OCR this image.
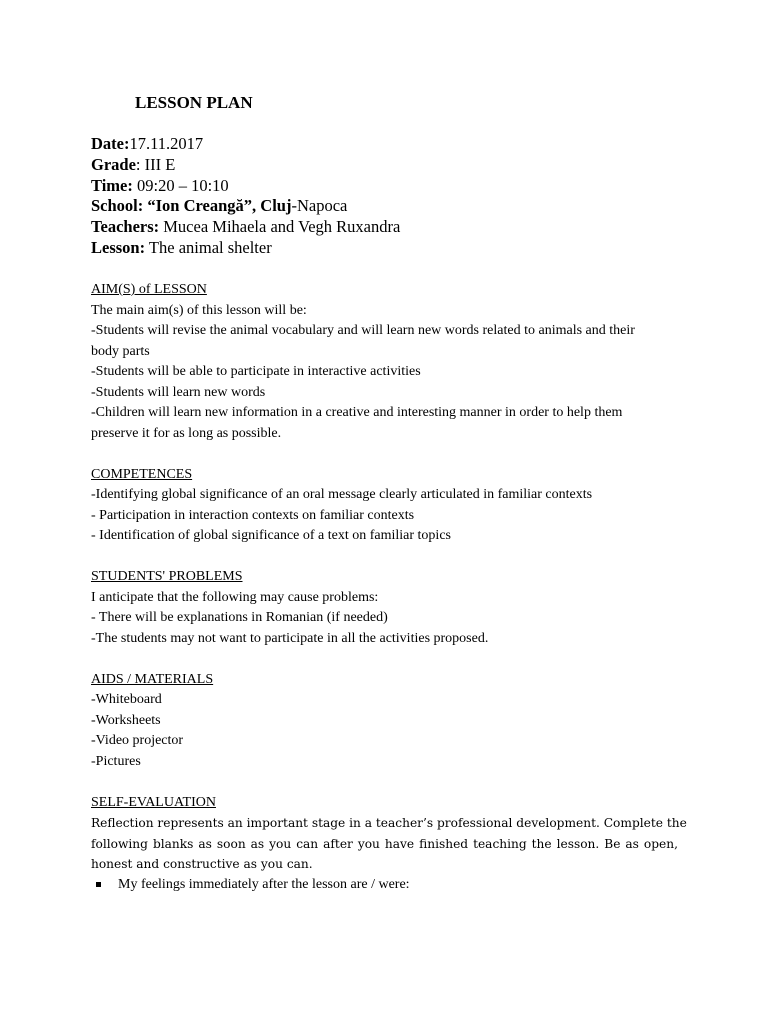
LESSON PLAN
Date:17.11.2017
Grade: III E
Time: 09:20 – 10:10
School: “Ion Creangă”, Cluj-Napoca
Teachers: Mucea Mihaela and Vegh Ruxandra
Lesson: The animal shelter
AIM(S) of LESSON

The main aim(s) of this lesson will be:

-Students will revise the animal vocabulary and will learn new words related to animals and their

body parts

-Students will be able to participate in interactive activities

-Students will learn new words

-Children will learn new information in a creative and interesting manner in order to help them

preserve it for as long as possible.

COMPETENCES

-Identifying global significance of an oral message clearly articulated in familiar contexts

- Participation in interaction contexts on familiar contexts

- Identification of global significance of a text on familiar topics

STUDENTS' PROBLEMS

I anticipate that the following may cause problems:

- There will be explanations in Romanian (if needed)

-The students may not want to participate in all the activities proposed.

AIDS / MATERIALS

-Whiteboard

-Worksheets

-Video projector

-Pictures

SELF-EVALUATION
Reflection represents an important stage in a teacher’s professional development. Complete the
following blanks as soon as you can after you have finished teaching the lesson. Be as open,
honest and constructive as you can.
My feelings immediately after the lesson are / were:
